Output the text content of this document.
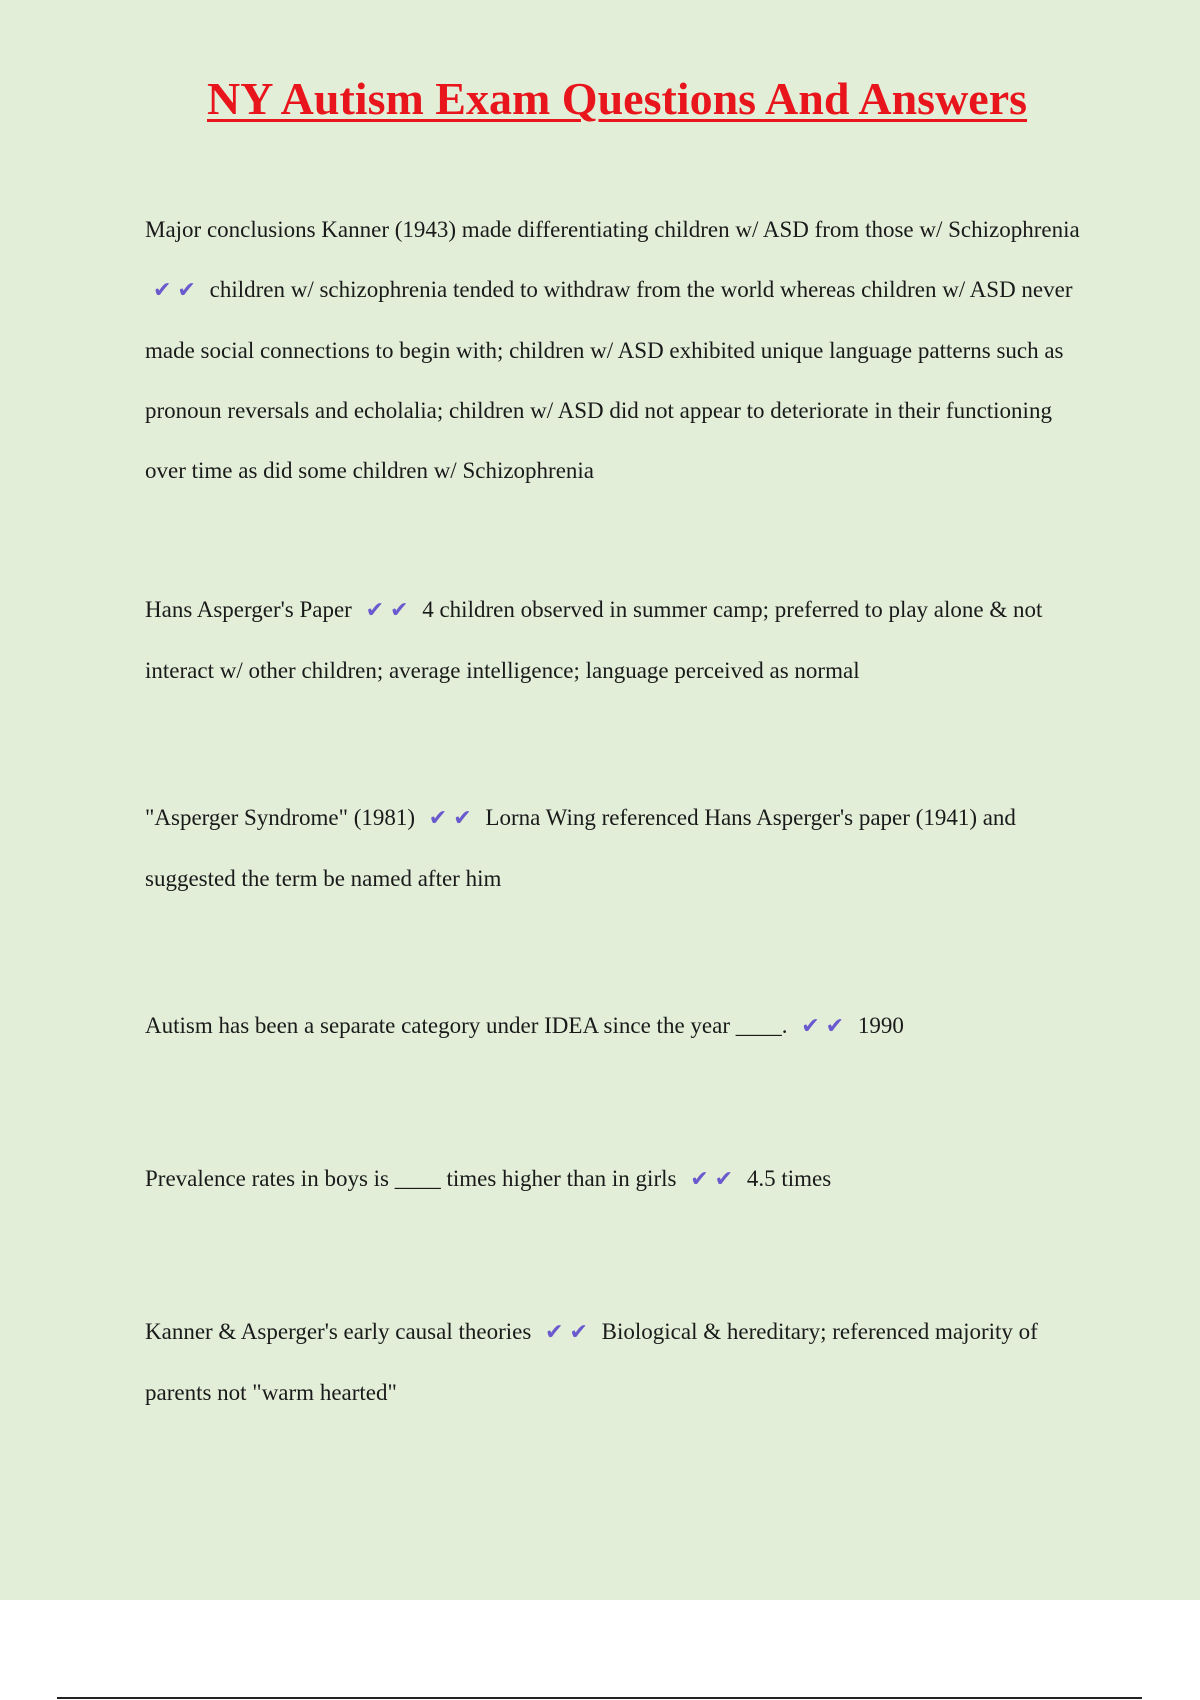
NY Autism Exam Questions And Answers

Major conclusions Kanner (1943) made differentiating children w/ ASD from those w/ Schizophrenia ✔✔ children w/ schizophrenia tended to withdraw from the world whereas children w/ ASD never made social connections to begin with; children w/ ASD exhibited unique language patterns such as pronoun reversals and echolalia; children w/ ASD did not appear to deteriorate in their functioning over time as did some children w/ Schizophrenia

Hans Asperger's Paper ✔✔ 4 children observed in summer camp; preferred to play alone & not interact w/ other children; average intelligence; language perceived as normal

"Asperger Syndrome" (1981) ✔✔ Lorna Wing referenced Hans Asperger's paper (1941) and suggested the term be named after him

Autism has been a separate category under IDEA since the year ____. ✔✔ 1990

Prevalence rates in boys is ____ times higher than in girls ✔✔ 4.5 times

Kanner & Asperger's early causal theories ✔✔ Biological & hereditary; referenced majority of parents not "warm hearted"
